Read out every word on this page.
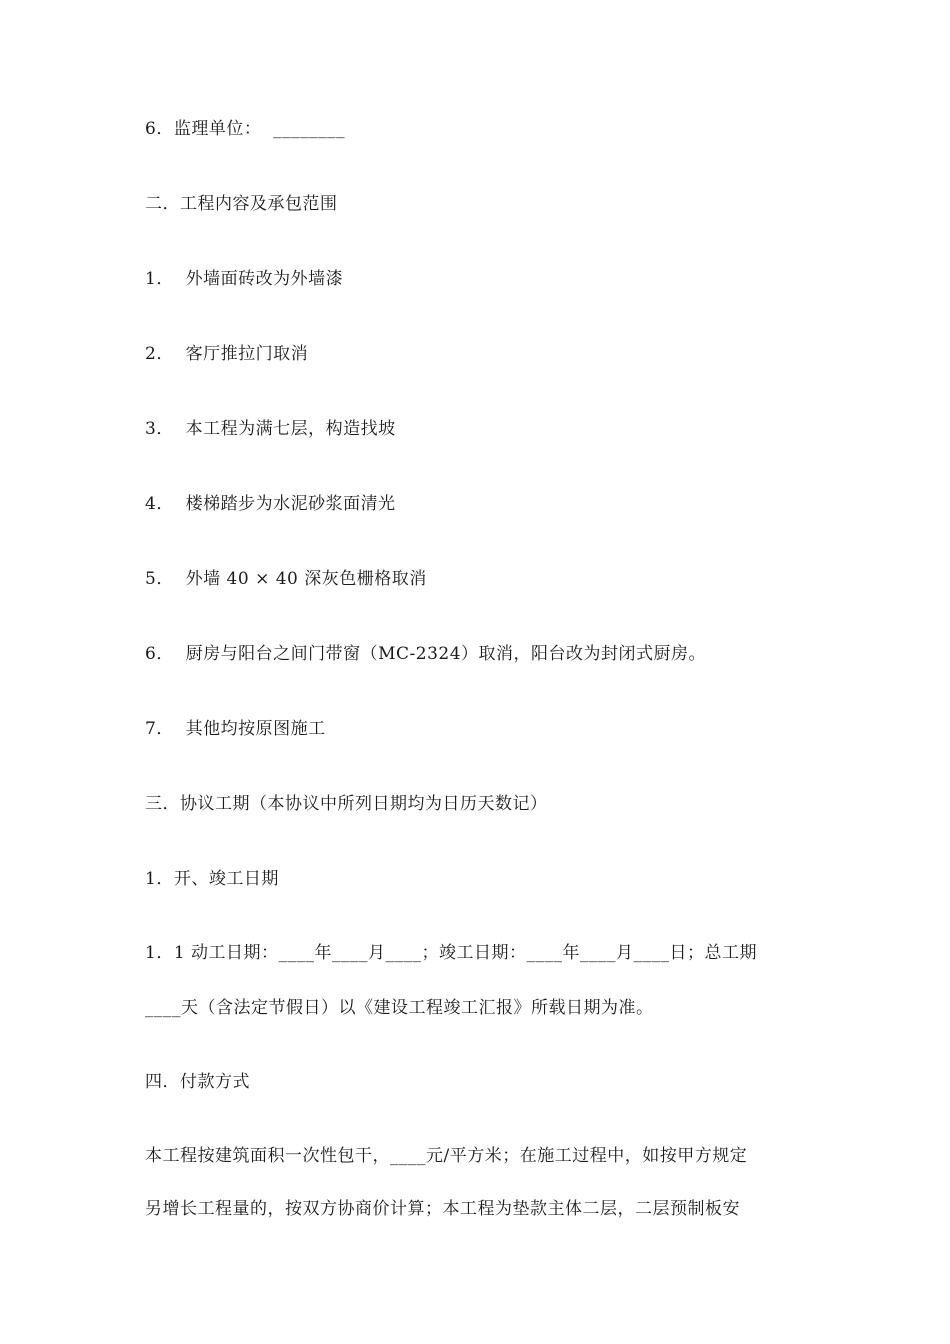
6．监理单位：  ________
二．工程内容及承包范围
1．  外墙面砖改为外墙漆
2．  客厅推拉门取消
3．  本工程为满七层，构造找坡
4．  楼梯踏步为水泥砂浆面清光
5．  外墙 40 × 40 深灰色栅格取消
6．  厨房与阳台之间门带窗（MC-2324）取消，阳台改为封闭式厨房。
7．  其他均按原图施工
三．协议工期（本协议中所列日期均为日历天数记）
1．开、竣工日期
1．1 动工日期：____年____月____；竣工日期：____年____月____日；总工期
____天（含法定节假日）以《建设工程竣工汇报》所载日期为准。
四．付款方式
本工程按建筑面积一次性包干，____元/平方米；在施工过程中，如按甲方规定
另增长工程量的，按双方协商价计算；本工程为垫款主体二层，二层预制板安
